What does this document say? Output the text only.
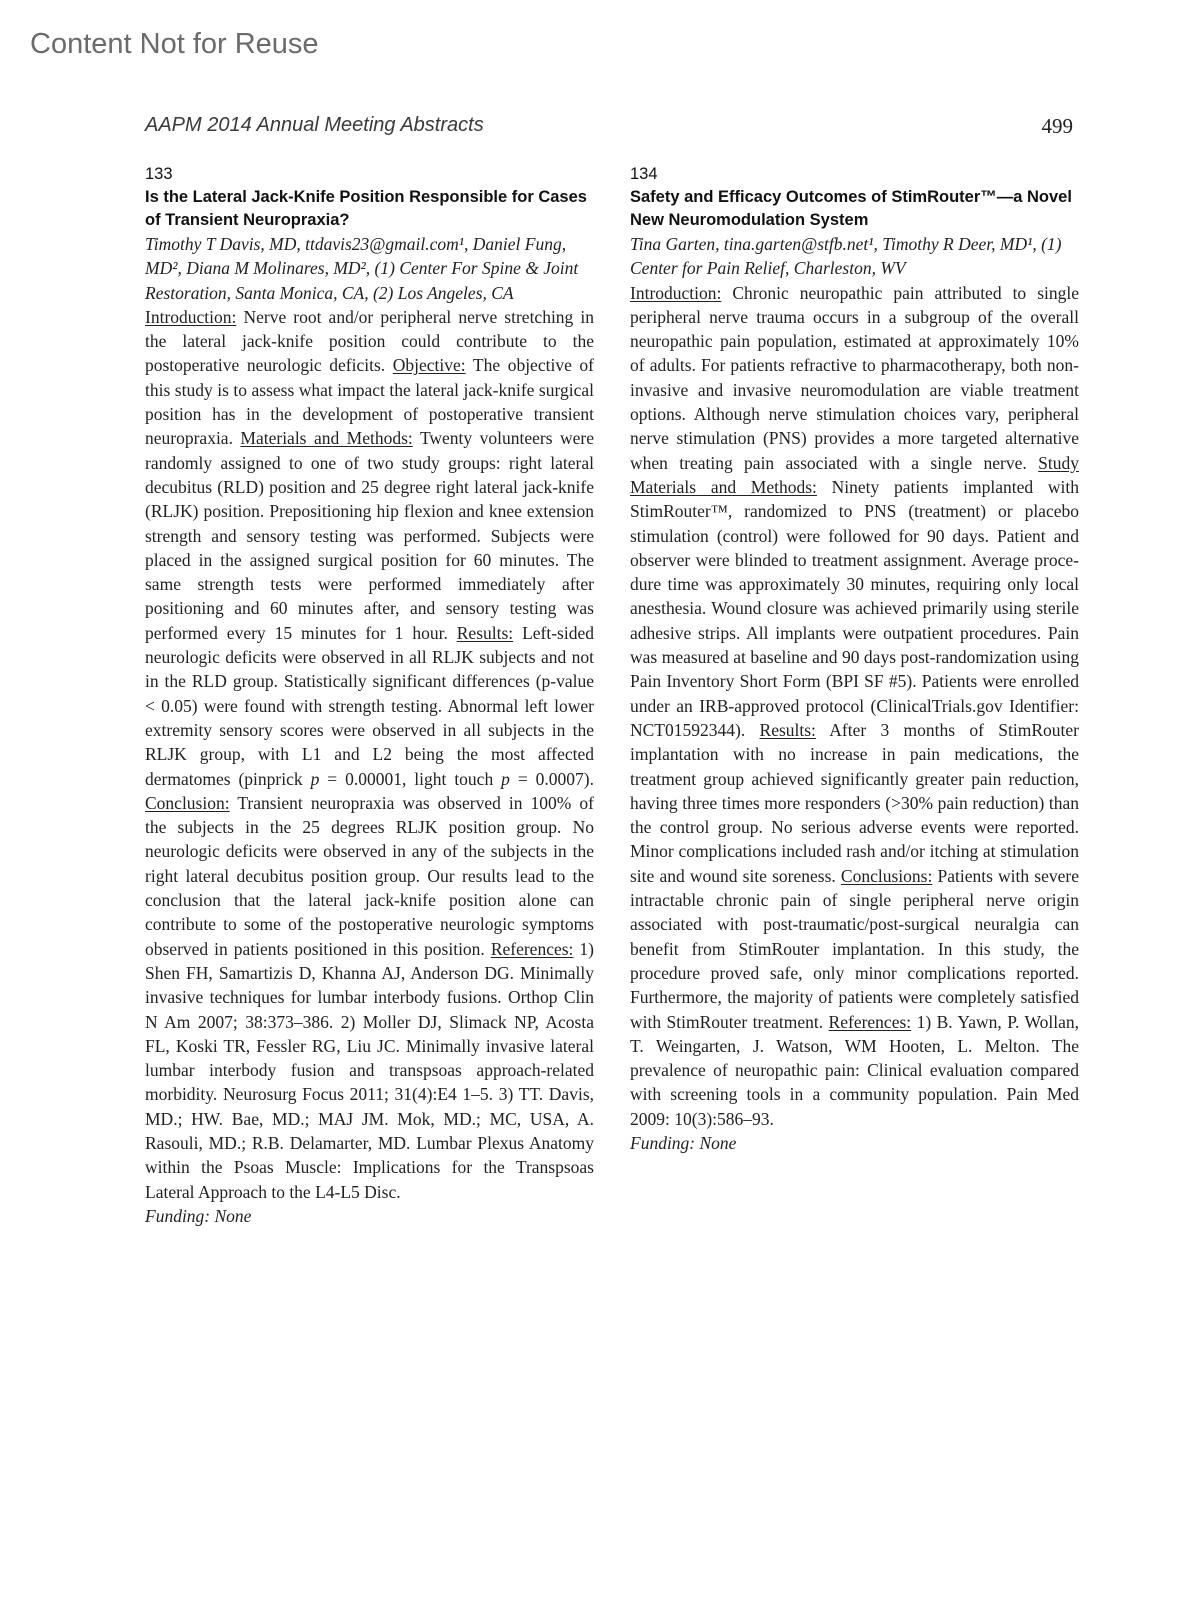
Content Not for Reuse
AAPM 2014 Annual Meeting Abstracts	499
133
Is the Lateral Jack-Knife Position Responsible for Cases of Transient Neuropraxia?
Timothy T Davis, MD, ttdavis23@gmail.com¹, Daniel Fung, MD², Diana M Molinares, MD², (1) Center For Spine & Joint Restoration, Santa Monica, CA, (2) Los Angeles, CA
Introduction: Nerve root and/or peripheral nerve stretching in the lateral jack-knife position could contribute to the postoperative neurologic deficits. Objective: The objective of this study is to assess what impact the lateral jack-knife surgical position has in the development of postoperative transient neuropraxia. Materials and Methods: Twenty volunteers were randomly assigned to one of two study groups: right lateral decubitus (RLD) position and 25 degree right lateral jack-knife (RLJK) position. Prepositioning hip flexion and knee extension strength and sensory testing was performed. Subjects were placed in the assigned surgical position for 60 minutes. The same strength tests were performed immediately after positioning and 60 minutes after, and sensory testing was performed every 15 minutes for 1 hour. Results: Left-sided neurologic deficits were observed in all RLJK subjects and not in the RLD group. Statistically significant differences (p-value < 0.05) were found with strength testing. Abnormal left lower extremity sensory scores were observed in all subjects in the RLJK group, with L1 and L2 being the most affected dermatomes (pinprick p = 0.00001, light touch p = 0.0007). Conclusion: Transient neuropraxia was observed in 100% of the subjects in the 25 degrees RLJK position group. No neurologic deficits were observed in any of the subjects in the right lateral decubitus position group. Our results lead to the conclusion that the lateral jack-knife position alone can contribute to some of the postoperative neurologic symptoms observed in patients positioned in this position. References: 1) Shen FH, Samartizis D, Khanna AJ, Anderson DG. Minimally invasive techniques for lumbar interbody fusions. Orthop Clin N Am 2007; 38:373–386. 2) Moller DJ, Slimack NP, Acosta FL, Koski TR, Fessler RG, Liu JC. Minimally invasive lateral lumbar interbody fusion and transpsoas approach-related morbidity. Neurosurg Focus 2011; 31(4):E4 1–5. 3) TT. Davis, MD.; HW. Bae, MD.; MAJ JM. Mok, MD.; MC, USA, A. Rasouli, MD.; R.B. Delamarter, MD. Lumbar Plexus Anatomy within the Psoas Muscle: Implications for the Transpsoas Lateral Approach to the L4-L5 Disc.
Funding: None
134
Safety and Efficacy Outcomes of StimRouter™—a Novel New Neuromodulation System
Tina Garten, tina.garten@stfb.net¹, Timothy R Deer, MD¹, (1) Center for Pain Relief, Charleston, WV
Introduction: Chronic neuropathic pain attributed to single peripheral nerve trauma occurs in a subgroup of the overall neuropathic pain population, estimated at approximately 10% of adults. For patients refractive to pharmacotherapy, both non-invasive and invasive neuromodulation are viable treatment options. Although nerve stimulation choices vary, peripheral nerve stimulation (PNS) provides a more targeted alternative when treating pain associated with a single nerve. Study Materials and Methods: Ninety patients implanted with StimRouter™, randomized to PNS (treatment) or placebo stimulation (control) were followed for 90 days. Patient and observer were blinded to treatment assignment. Average procedure time was approximately 30 minutes, requiring only local anesthesia. Wound closure was achieved primarily using sterile adhesive strips. All implants were outpatient procedures. Pain was measured at baseline and 90 days post-randomization using Pain Inventory Short Form (BPI SF #5). Patients were enrolled under an IRB-approved protocol (ClinicalTrials.gov Identifier: NCT01592344). Results: After 3 months of StimRouter implantation with no increase in pain medications, the treatment group achieved significantly greater pain reduction, having three times more responders (>30% pain reduction) than the control group. No serious adverse events were reported. Minor complications included rash and/or itching at stimulation site and wound site soreness. Conclusions: Patients with severe intractable chronic pain of single peripheral nerve origin associated with post-traumatic/post-surgical neuralgia can benefit from StimRouter implantation. In this study, the procedure proved safe, only minor complications reported. Furthermore, the majority of patients were completely satisfied with StimRouter treatment. References: 1) B. Yawn, P. Wollan, T. Weingarten, J. Watson, WM Hooten, L. Melton. The prevalence of neuropathic pain: Clinical evaluation compared with screening tools in a community population. Pain Med 2009: 10(3):586–93.
Funding: None
